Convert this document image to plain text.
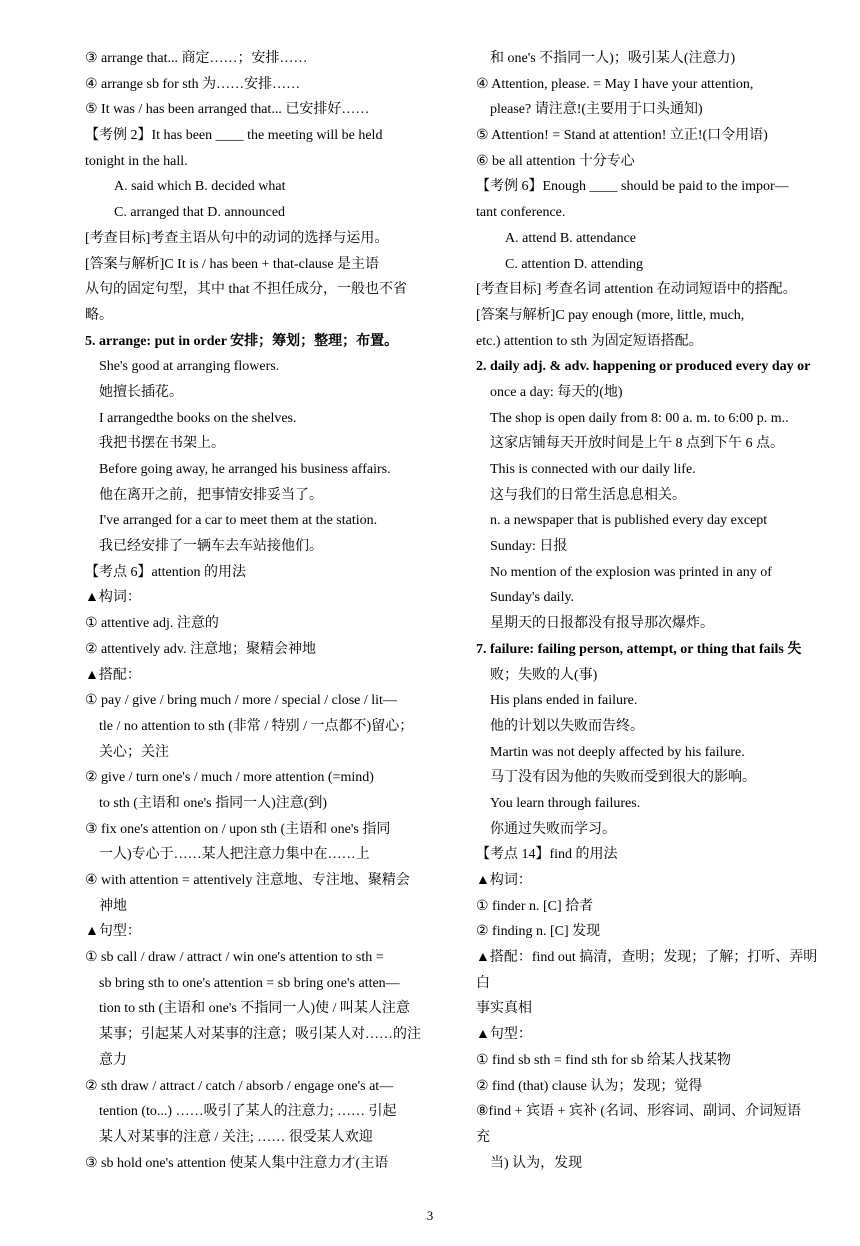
③ arrange that... 商定……；安排……
④ arrange sb for sth 为……安排……
⑤ It was / has been arranged that... 已安排好……
【考例 2】It has been ____ the meeting will be held
tonight in the hall.
A. said which B. decided what
C. arranged that D. announced
[考查目标]考查主语从句中的动词的选择与运用。
[答案与解析]C It is / has been + that-clause 是主语
从句的固定句型，其中 that 不担任成分，一般也不省
略。
5. arrange: put in order 安排；筹划；整理；布置。
She's good at arranging flowers.
她擅长插花。
I arrangedthe books on the shelves.
我把书摆在书架上。
Before going away, he arranged his business affairs.
他在离开之前，把事情安排妥当了。
I've arranged for a car to meet them at the station.
我已经安排了一辆车去车站接他们。
【考点 6】attention 的用法
▲构词：
① attentive adj. 注意的
② attentively adv. 注意地；聚精会神地
▲搭配：
① pay / give / bring much / more / special / close / lit—
tle / no attention to sth (非常 / 特别 / 一点都不)留心；
关心；关注
② give / turn one's / much / more attention (=mind)
to sth (主语和 one's 指同一人)注意(到)
③ fix one's attention on / upon sth (主语和 one's 指同
一人)专心于……某人把注意力集中在……上
④ with attention = attentively 注意地、专注地、聚精会
神地
▲句型：
① sb call / draw / attract / win one's attention to sth =
sb bring sth to one's attention = sb bring one's atten—
tion to sth (主语和 one's 不指同一人)使 / 叫某人注意
某事；引起某人对某事的注意；吸引某人对……的注
意力
② sth draw / attract / catch / absorb / engage one's at—
tention (to...) ……吸引了某人的注意力; …… 引起
某人对某事的注意 / 关注; …… 很受某人欢迎
③ sb hold one's attention 使某人集中注意力才(主语
和 one's 不指同一人)；吸引某人(注意力)
④ Attention, please. = May I have your attention,
please? 请注意!(主要用于口头通知)
⑤ Attention! = Stand at attention! 立正!(口令用语)
⑥ be all attention 十分专心
【考例 6】Enough ____ should be paid to the impor—
tant conference.
A. attend B. attendance
C. attention D. attending
[考查目标] 考查名词 attention 在动词短语中的搭配。
[答案与解析]C pay enough (more, little, much,
etc.) attention to sth 为固定短语搭配。
2. daily adj. & adv. happening or produced every day or
once a day: 每天的(地)
The shop is open daily from 8: 00 a. m. to 6:00 p. m..
这家店铺每天开放时间是上午 8 点到下午 6 点。
This is connected with our daily life.
这与我们的日常生活息息相关。
n. a newspaper that is published every day except
Sunday: 日报
No mention of the explosion was printed in any of
Sunday's daily.
星期天的日报都没有报导那次爆炸。
7. failure: failing person, attempt, or thing that fails 失
败；失败的人(事)
His plans ended in failure.
他的计划以失败而告终。
Martin was not deeply affected by his failure.
马丁没有因为他的失败而受到很大的影响。
You learn through failures.
你通过失败而学习。
【考点 14】find 的用法
▲构词：
① finder n. [C] 拾者
② finding n. [C] 发现
▲搭配：find out 搞清，查明；发现；了解；打听、弄明
白
事实真相
▲句型：
① find sb sth = find sth for sb 给某人找某物
② find (that) clause 认为；发现；觉得
⑧find + 宾语 + 宾补 (名词、形容词、副词、介词短语
充
当) 认为，发现
3
